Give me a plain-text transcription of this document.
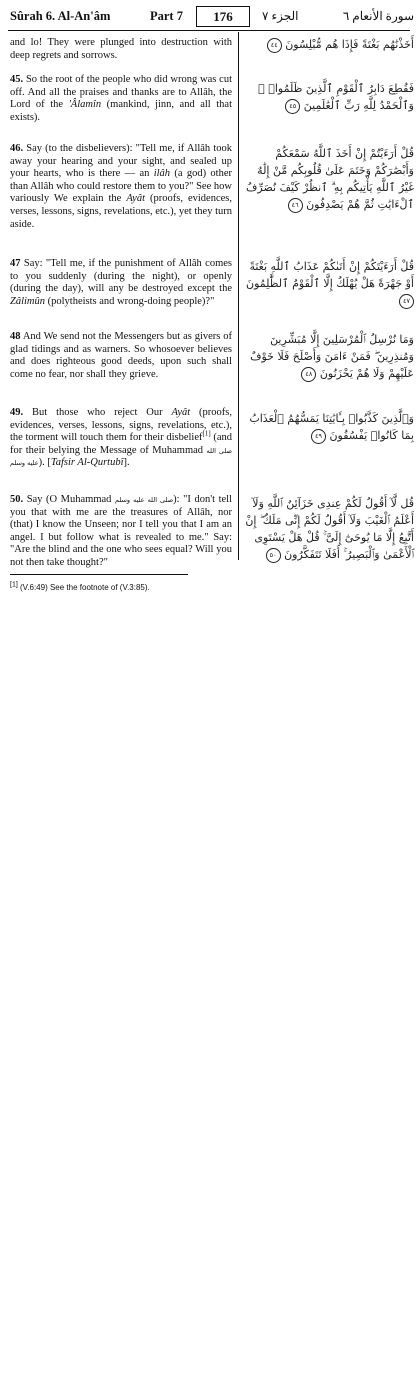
Sûrah 6. Al-An'âm	Part 7	176	الجزء ٧	سورة الأنعام ٦
and lo! They were plunged into destruction with deep regrets and sorrows.
أَخَذْنَٰهُم بَغْتَةً فَإِذَا هُم مُّبْلِسُونَ ٤٤
45. So the root of the people who did wrong was cut off. And all the praises and thanks are to Allâh, the Lord of the 'Âlamîn (mankind, jinn, and all that exists).
فَقُطِعَ دَابِرُ ٱلْقَوْمِ ٱلَّذِينَ ظَلَمُوا۟ ۚ وَٱلْحَمْدُ لِلَّهِ رَبِّ ٱلْعَٰلَمِينَ ٤٥
46. Say (to the disbelievers): "Tell me, if Allâh took away your hearing and your sight, and sealed up your hearts, who is there — an ilâh (a god) other than Allâh who could restore them to you?" See how variously We explain the Ayât (proofs, evidences, verses, lessons, signs, revelations, etc.), yet they turn aside.
قُلْ أَرَءَيْتُمْ إِنْ أَخَذَ ٱللَّهُ سَمْعَكُمْ وَأَبْصَٰرَكُمْ وَخَتَمَ عَلَىٰ قُلُوبِكُم مَّنْ إِلَٰهٌ غَيْرُ ٱللَّهِ يَأْتِيكُم بِهِ ۗ ٱنظُرْ كَيْفَ نُصَرِّفُ ٱلْءَايَٰتِ ثُمَّ هُمْ يَصْدِفُونَ ٤٦
47 Say: "Tell me, if the punishment of Allâh comes to you suddenly (during the night), or openly (during the day), will any be destroyed except the Zâlimûn (polytheists and wrong-doing people)?"
قُلْ أَرَءَيْتَكُمْ إِنْ أَتَىٰكُمْ عَذَابُ ٱللَّهِ بَغْتَةً أَوْ جَهْرَةً هَلْ يُهْلَكُ إِلَّا ٱلْقَوْمُ ٱلظَّٰلِمُونَ ٤٧
48 And We send not the Messengers but as givers of glad tidings and as warners. So whosoever believes and does righteous good deeds, upon such shall come no fear, nor shall they grieve.
وَمَا نُرْسِلُ ٱلْمُرْسَلِينَ إِلَّا مُبَشِّرِينَ وَمُنذِرِينَ ۖ فَمَنْ ءَامَنَ وَأَصْلَحَ فَلَا خَوْفٌ عَلَيْهِمْ وَلَا هُمْ يَحْزَنُونَ ٤٨
49. But those who reject Our Ayât (proofs, evidences, verses, lessons, signs, revelations, etc.), the torment will touch them for their disbelief[1] (and for their belying the Message of Muhammad صلى الله عليه وسلم). [Tafsir Al-Qurtubî].
وَٱلَّذِينَ كَذَّبُوا۟ بِـَٔايَٰتِنَا يَمَسُّهُمُ ٱلْعَذَابُ بِمَا كَانُوا۟ يَفْسُقُونَ ٤٩
50. Say (O Muhammad صلى الله عليه وسلم): "I don't tell you that with me are the treasures of Allâh, nor (that) I know the Unseen; nor I tell you that I am an angel. I but follow what is revealed to me." Say: "Are the blind and the one who sees equal? Will you not then take thought?"
قُل لَّآ أَقُولُ لَكُمْ عِندِى خَزَآئِنُ ٱللَّهِ وَلَآ أَعْلَمُ ٱلْغَيْبَ وَلَآ أَقُولُ لَكُمْ إِنِّى مَلَكٌ ۖ إِنْ أَتَّبِعُ إِلَّا مَا يُوحَىٰٓ إِلَىَّ ۚ قُلْ هَلْ يَسْتَوِى ٱلْأَعْمَىٰ وَٱلْبَصِيرُ ۚ أَفَلَا تَتَفَكَّرُونَ ٥٠
[1] (V.6:49) See the footnote of (V.3:85).
